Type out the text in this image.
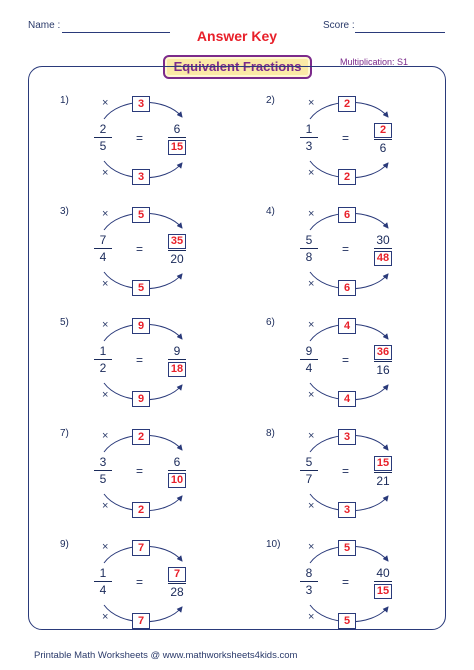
Name :	Score :
Answer Key
Equivalent Fractions	Multiplication: S1
1)	×
×
3
3
2
5
= $\frac{6}{15}$
2)	×
×
2
2
1
3
= $\frac{2}{6}$
3)	×
×
5
5
7
4
= $\frac{35}{20}$
4)	×
×
6
6
5
8
= $\frac{30}{48}$
5)	×
×
9
9
1
2
= $\frac{9}{18}$
6)	×
×
4
4
9
4
= $\frac{36}{16}$
7)	×
×
2
2
3
5
= $\frac{6}{10}$
8)	×
×
3
3
5
7
= $\frac{15}{21}$
9)	×
×
7
7
1
4
= $\frac{7}{28}$
10)	×
×
5
5
8
3
= $\frac{40}{15}$
Printable Math Worksheets @ www.mathworksheets4kids.com
